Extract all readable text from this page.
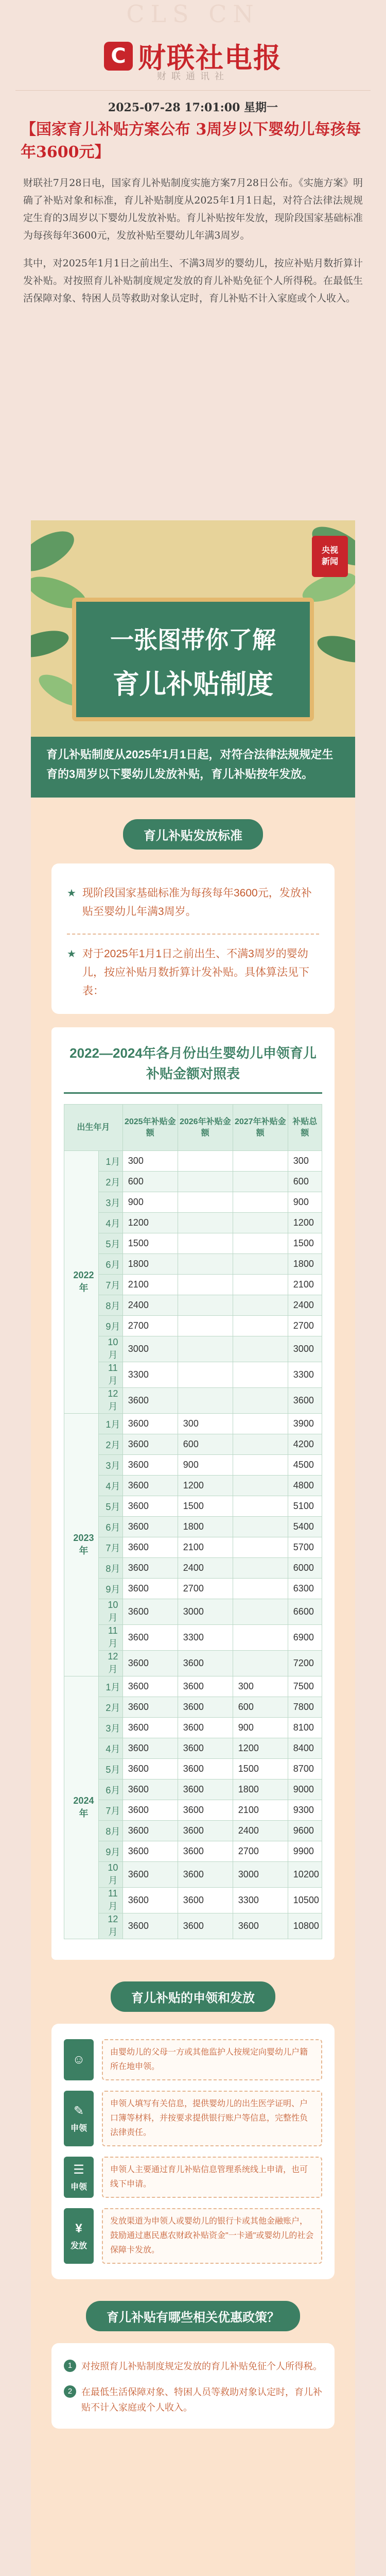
CLS CN
C 财联社电报
财联通讯社
2025-07-28 17:01:00 星期一
【国家育儿补贴方案公布 3周岁以下婴幼儿每孩每年3600元】
财联社7月28日电，国家育儿补贴制度实施方案7月28日公布。《实施方案》明确了补贴对象和标准，育儿补贴制度从2025年1月1日起，对符合法律法规规定生育的3周岁以下婴幼儿发放补贴。育儿补贴按年发放，现阶段国家基础标准为每孩每年3600元，发放补贴至婴幼儿年满3周岁。
其中，对2025年1月1日之前出生、不满3周岁的婴幼儿，按应补贴月数折算计发补贴。对按照育儿补贴制度规定发放的育儿补贴免征个人所得税。在最低生活保障对象、特困人员等救助对象认定时，育儿补贴不计入家庭或个人收入。
央视
新闻
一张图带你了解
育儿补贴制度
育儿补贴制度从2025年1月1日起，对符合法律法规规定生育的3周岁以下婴幼儿发放补贴，育儿补贴按年发放。
育儿补贴发放标准
★ 现阶段国家基础标准为每孩每年3600元，发放补贴至婴幼儿年满3周岁。
★ 对于2025年1月1日之前出生、不满3周岁的婴幼儿，按应补贴月数折算计发补贴。具体算法见下表：
2022—2024年各月份出生婴幼儿申领育儿补贴金额对照表
出生年月		2025年补贴金额	2026年补贴金额	2027年补贴金额	补贴总额
2022年	1月	300			300
	2月	600			600
	3月	900			900
	4月	1200			1200
	5月	1500			1500
	6月	1800			1800
	7月	2100			2100
	8月	2400			2400
	9月	2700			2700
	10月	3000			3000
	11月	3300			3300
	12月	3600			3600
2023年	1月	3600	300		3900
	2月	3600	600		4200
	3月	3600	900		4500
	4月	3600	1200		4800
	5月	3600	1500		5100
	6月	3600	1800		5400
	7月	3600	2100		5700
	8月	3600	2400		6000
	9月	3600	2700		6300
	10月	3600	3000		6600
	11月	3600	3300		6900
	12月	3600	3600		7200
2024年	1月	3600	3600	300	7500
	2月	3600	3600	600	7800
	3月	3600	3600	900	8100
	4月	3600	3600	1200	8400
	5月	3600	3600	1500	8700
	6月	3600	3600	1800	9000
	7月	3600	3600	2100	9300
	8月	3600	3600	2400	9600
	9月	3600	3600	2700	9900
	10月	3600	3600	3000	10200
	11月	3600	3600	3300	10500
	12月	3600	3600	3600	10800
育儿补贴的申领和发放
☺
由婴幼儿的父母一方或其他监护人按规定向婴幼儿户籍所在地申领。
✎
申领
申领人填写有关信息，提供婴幼儿的出生医学证明、户口簿等材料，并按要求提供银行账户等信息，完整性负法律责任。
☰
申领
申领人主要通过育儿补贴信息管理系统线上申请，也可线下申请。
¥
发放
发放渠道为申领人或婴幼儿的银行卡或其他金融账户，鼓励通过惠民惠农财政补贴资金"一卡通"或婴幼儿的社会保障卡发放。
育儿补贴有哪些相关优惠政策？
1 对按照育儿补贴制度规定发放的育儿补贴免征个人所得税。
2 在最低生活保障对象、特困人员等救助对象认定时，育儿补贴不计入家庭或个人收入。
